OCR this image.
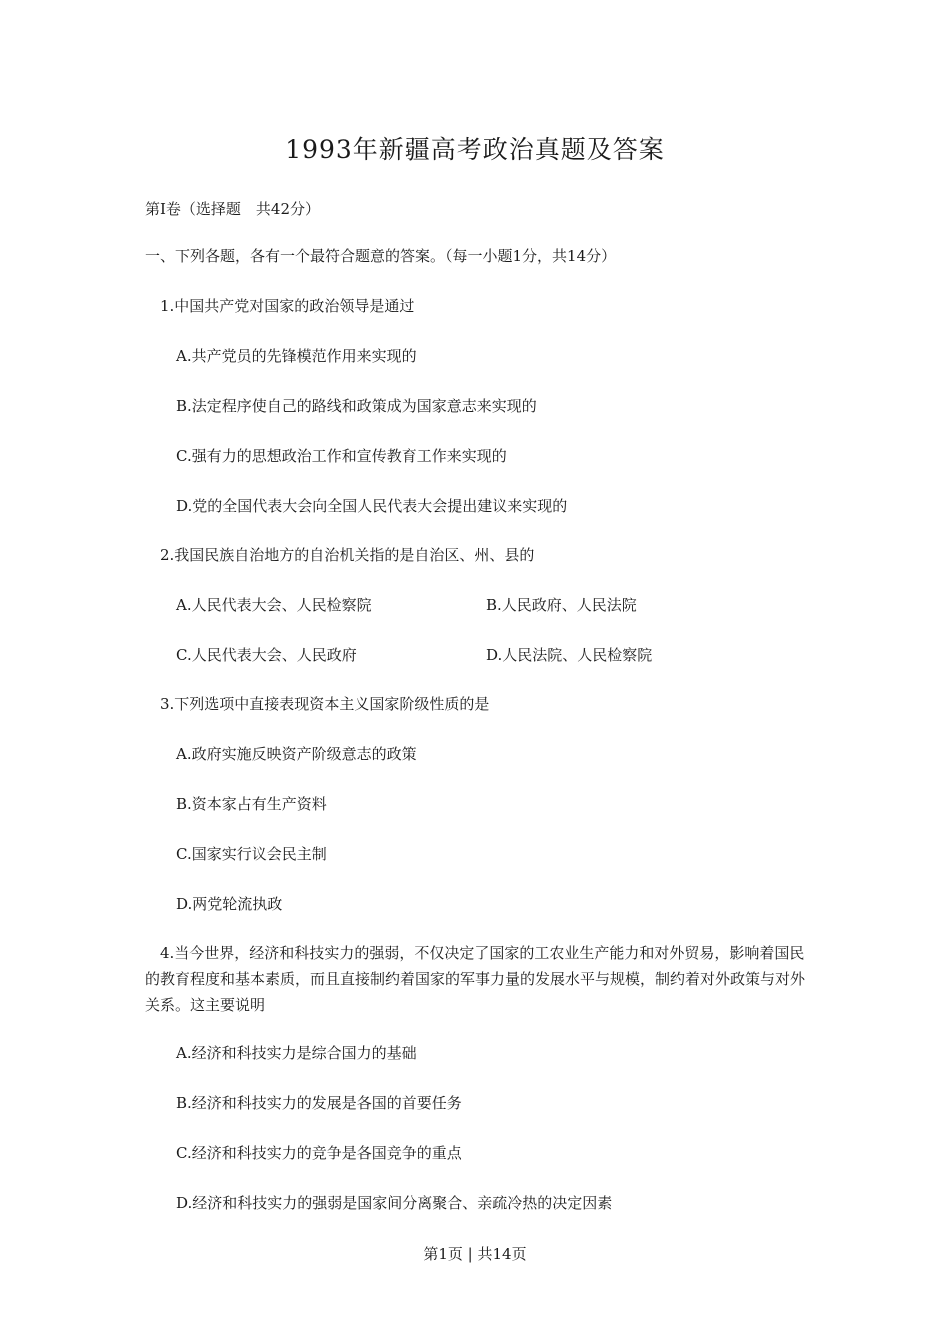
1993年新疆高考政治真题及答案
第Ⅰ卷（选择题　共42分）
一、下列各题，各有一个最符合题意的答案。（每一小题1分，共14分）
1.中国共产党对国家的政治领导是通过
A.共产党员的先锋模范作用来实现的
B.法定程序使自己的路线和政策成为国家意志来实现的
C.强有力的思想政治工作和宣传教育工作来实现的
D.党的全国代表大会向全国人民代表大会提出建议来实现的
2.我国民族自治地方的自治机关指的是自治区、州、县的
A.人民代表大会、人民检察院	B.人民政府、人民法院
C.人民代表大会、人民政府	D.人民法院、人民检察院
3.下列选项中直接表现资本主义国家阶级性质的是
A.政府实施反映资产阶级意志的政策
B.资本家占有生产资料
C.国家实行议会民主制
D.两党轮流执政
4.当今世界，经济和科技实力的强弱，不仅决定了国家的工农业生产能力和对外贸易，影响着国民的教育程度和基本素质，而且直接制约着国家的军事力量的发展水平与规模，制约着对外政策与对外关系。这主要说明
A.经济和科技实力是综合国力的基础
B.经济和科技实力的发展是各国的首要任务
C.经济和科技实力的竞争是各国竞争的重点
D.经济和科技实力的强弱是国家间分离聚合、亲疏冷热的决定因素
第1页 | 共14页
